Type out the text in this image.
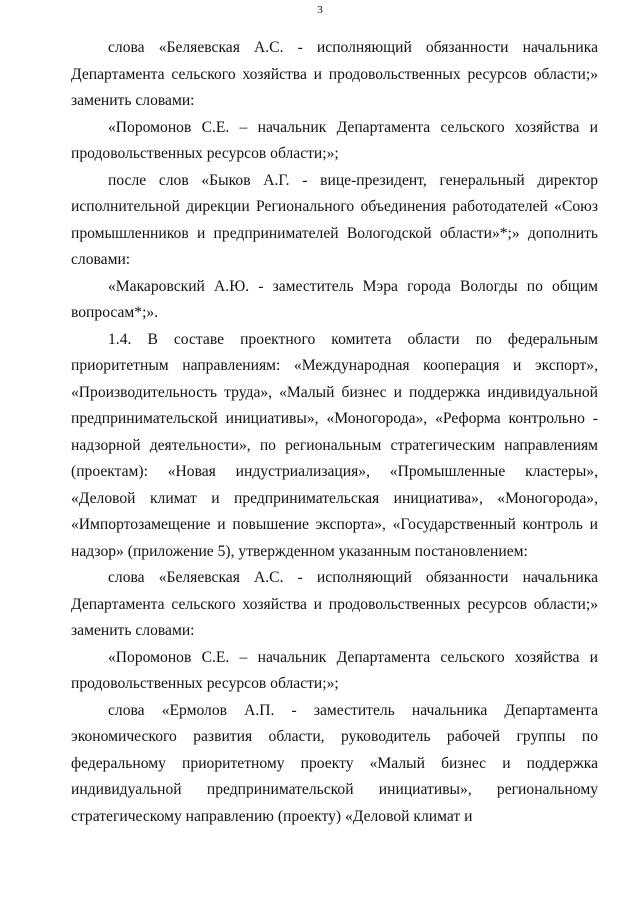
3

слова «Беляевская А.С. - исполняющий обязанности начальника Департамента сельского хозяйства и продовольственных ресурсов области;» заменить словами:

«Поромонов С.Е. – начальник Департамента сельского хозяйства и продовольственных ресурсов области;»;

после слов «Быков А.Г. - вице-президент, генеральный директор исполнительной дирекции Регионального объединения работодателей «Союз промышленников и предпринимателей Вологодской области»*;» дополнить словами:

«Макаровский А.Ю. - заместитель Мэра города Вологды по общим вопросам*;».

1.4. В составе проектного комитета области по федеральным приоритетным направлениям: «Международная кооперация и экспорт», «Производительность труда», «Малый бизнес и поддержка индивидуальной предпринимательской инициативы», «Моногорода», «Реформа контрольно - надзорной деятельности», по региональным стратегическим направлениям (проектам): «Новая индустриализация», «Промышленные кластеры», «Деловой климат и предпринимательская инициатива», «Моногорода», «Импортозамещение и повышение экспорта», «Государственный контроль и надзор» (приложение 5), утвержденном указанным постановлением:

слова «Беляевская А.С. - исполняющий обязанности начальника Департамента сельского хозяйства и продовольственных ресурсов области;» заменить словами:

«Поромонов С.Е. – начальник Департамента сельского хозяйства и продовольственных ресурсов области;»;

слова «Ермолов А.П. - заместитель начальника Департамента экономического развития области, руководитель рабочей группы по федеральному приоритетному проекту «Малый бизнес и поддержка индивидуальной предпринимательской инициативы», региональному стратегическому направлению (проекту) «Деловой климат и
